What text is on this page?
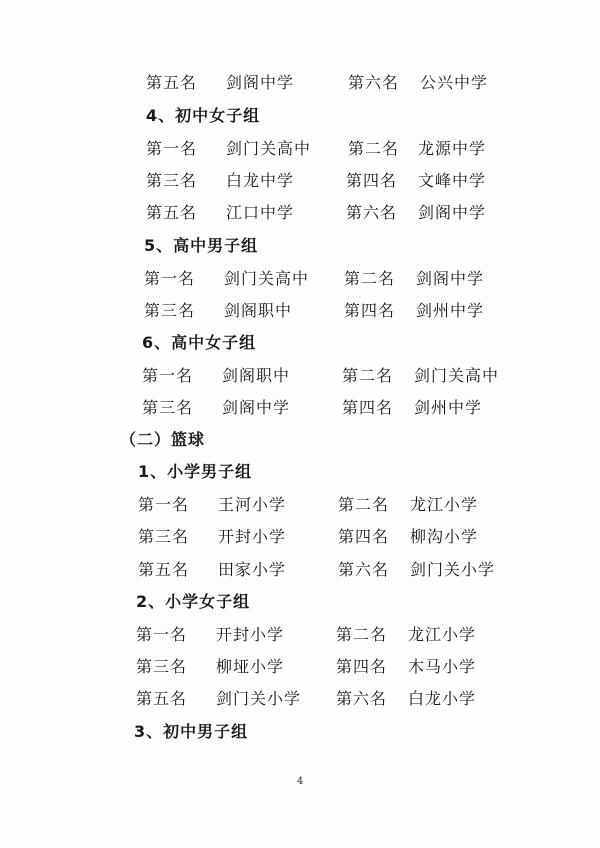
第五名	剑阁中学	第六名	公兴中学
4、初中女子组
第一名 剑门关高中 第二名 龙源中学
第三名 白龙中学	第四名 文峰中学
第五名 江口中学	第六名 剑阁中学
5、高中男子组
第一名 剑门关高中 第二名 剑阁中学
第三名 剑阁职中	第四名 剑州中学
6、高中女子组
第一名 剑阁职中	第二名 剑门关高中
第三名 剑阁中学	第四名 剑州中学
（二）篮球
1、小学男子组
第一名 王河小学	第二名 龙江小学
第三名 开封小学	第四名 柳沟小学
第五名 田家小学	第六名 剑门关小学
2、小学女子组
第一名 开封小学	第二名 龙江小学
第三名 柳垭小学	第四名 木马小学
第五名 剑门关小学 第六名 白龙小学
3、初中男子组
4
